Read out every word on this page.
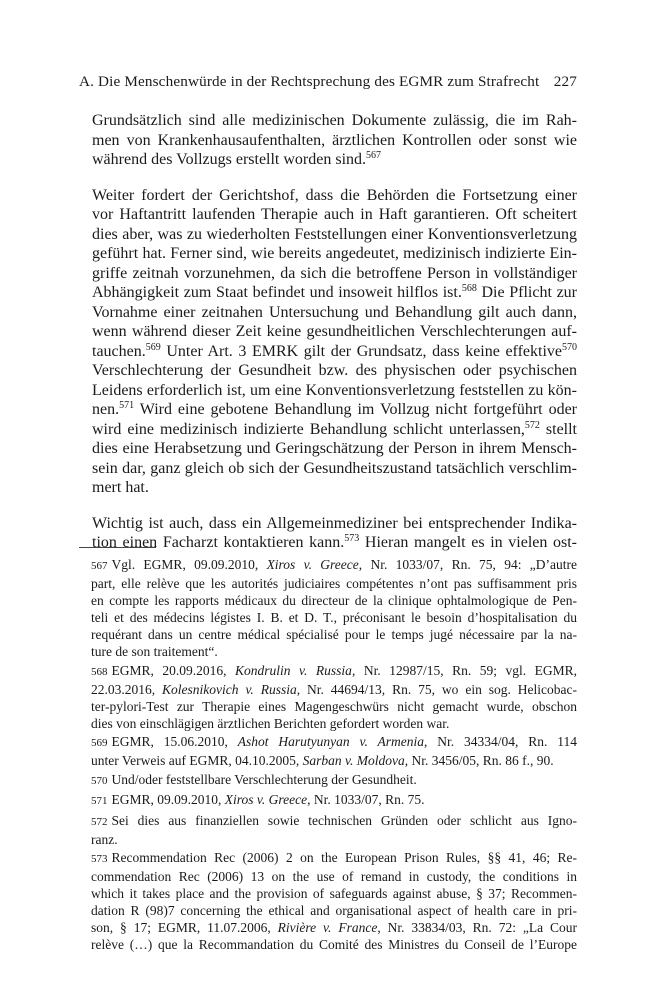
A. Die Menschenwürde in der Rechtsprechung des EGMR zum Strafrecht 227

Grundsätzlich sind alle medizinischen Dokumente zulässig, die im Rah-
men von Krankenhausaufenthalten, ärztlichen Kontrollen oder sonst wie
während des Vollzugs erstellt worden sind.$^{567}$

Weiter fordert der Gerichtshof, dass die Behörden die Fortsetzung einer
vor Haftantritt laufenden Therapie auch in Haft garantieren. Oft scheitert
dies aber, was zu wiederholten Feststellungen einer Konventionsverletzung
geführt hat. Ferner sind, wie bereits angedeutet, medizinisch indizierte Ein-
griffe zeitnah vorzunehmen, da sich die betroffene Person in vollständiger
Abhängigkeit zum Staat befindet und insoweit hilflos ist.$^{568}$ Die Pflicht zur
Vornahme einer zeitnahen Untersuchung und Behandlung gilt auch dann,
wenn während dieser Zeit keine gesundheitlichen Verschlechterungen auf-
tauchen.$^{569}$ Unter Art. 3 EMRK gilt der Grundsatz, dass keine effektive$^{570}$
Verschlechterung der Gesundheit bzw. des physischen oder psychischen
Leidens erforderlich ist, um eine Konventionsverletzung feststellen zu kön-
nen.$^{571}$ Wird eine gebotene Behandlung im Vollzug nicht fortgeführt oder
wird eine medizinisch indizierte Behandlung schlicht unterlassen,$^{572}$ stellt
dies eine Herabsetzung und Geringschätzung der Person in ihrem Mensch-
sein dar, ganz gleich ob sich der Gesundheitszustand tatsächlich verschlim-
mert hat.

Wichtig ist auch, dass ein Allgemeinmediziner bei entsprechender Indika-
tion einen Facharzt kontaktieren kann.$^{573}$ Hieran mangelt es in vielen ost-

567 Vgl. EGMR, 09.09.2010, Xiros v. Greece, Nr. 1033/07, Rn. 75, 94: „D’autre
part, elle relève que les autorités judiciaires compétentes n’ont pas suffisamment pris
en compte les rapports médicaux du directeur de la clinique ophtalmologique de Pen-
teli et des médecins légistes I. B. et D. T., préconisant le besoin d’hospitalisation du
requérant dans un centre médical spécialisé pour le temps jugé nécessaire par la na-
ture de son traitement“.
568 EGMR, 20.09.2016, Kondrulin v. Russia, Nr. 12987/15, Rn. 59; vgl. EGMR,
22.03.2016, Kolesnikovich v. Russia, Nr. 44694/13, Rn. 75, wo ein sog. Helicobac-
ter-pylori-Test zur Therapie eines Magengeschwürs nicht gemacht wurde, obschon
dies von einschlägigen ärztlichen Berichten gefordert worden war.
569 EGMR, 15.06.2010, Ashot Harutyunyan v. Armenia, Nr. 34334/04, Rn. 114
unter Verweis auf EGMR, 04.10.2005, Sarban v. Moldova, Nr. 3456/05, Rn. 86 f., 90.
570 Und/oder feststellbare Verschlechterung der Gesundheit.
571 EGMR, 09.09.2010, Xiros v. Greece, Nr. 1033/07, Rn. 75.
572 Sei dies aus finanziellen sowie technischen Gründen oder schlicht aus Igno-
ranz.
573 Recommendation Rec (2006) 2 on the European Prison Rules, §§ 41, 46; Re-
commendation Rec (2006) 13 on the use of remand in custody, the conditions in
which it takes place and the provision of safeguards against abuse, § 37; Recommen-
dation R (98)7 concerning the ethical and organisational aspect of health care in pri-
son, § 17; EGMR, 11.07.2006, Rivière v. France, Nr. 33834/03, Rn. 72: „La Cour
relève (…) que la Recommandation du Comité des Ministres du Conseil de l’Europe
